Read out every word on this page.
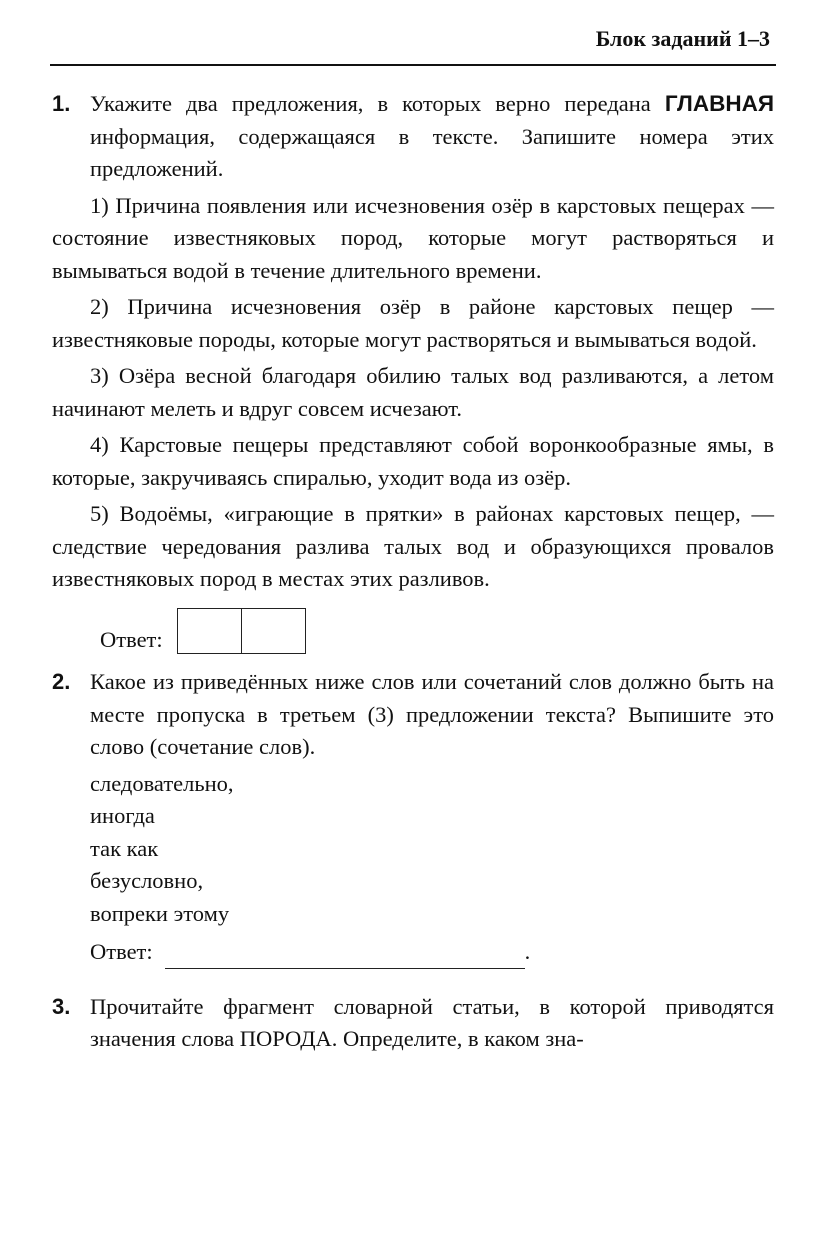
Блок заданий 1–3
1. Укажите два предложения, в которых верно передана ГЛАВНАЯ информация, содержащаяся в тексте. Запишите номера этих предложений.

1) Причина появления или исчезновения озёр в карстовых пещерах — состояние известняковых пород, которые могут растворяться и вымываться водой в течение длительного времени.

2) Причина исчезновения озёр в районе карстовых пещер — известняковые породы, которые могут растворяться и вымываться водой.

3) Озёра весной благодаря обилию талых вод разливаются, а летом начинают мелеть и вдруг совсем исчезают.

4) Карстовые пещеры представляют собой воронкообразные ямы, в которые, закручиваясь спиралью, уходит вода из озёр.

5) Водоёмы, «играющие в прятки» в районах карстовых пещер, — следствие чередования разлива талых вод и образующихся провалов известняковых пород в местах этих разливов.

Ответ:
2. Какое из приведённых ниже слов или сочетаний слов должно быть на месте пропуска в третьем (3) предложении текста? Выпишите это слово (сочетание слов).

следовательно,
иногда
так как
безусловно,
вопреки этому
Ответ:	.
3. Прочитайте фрагмент словарной статьи, в которой приводятся значения слова ПОРОДА. Определите, в каком зна-
